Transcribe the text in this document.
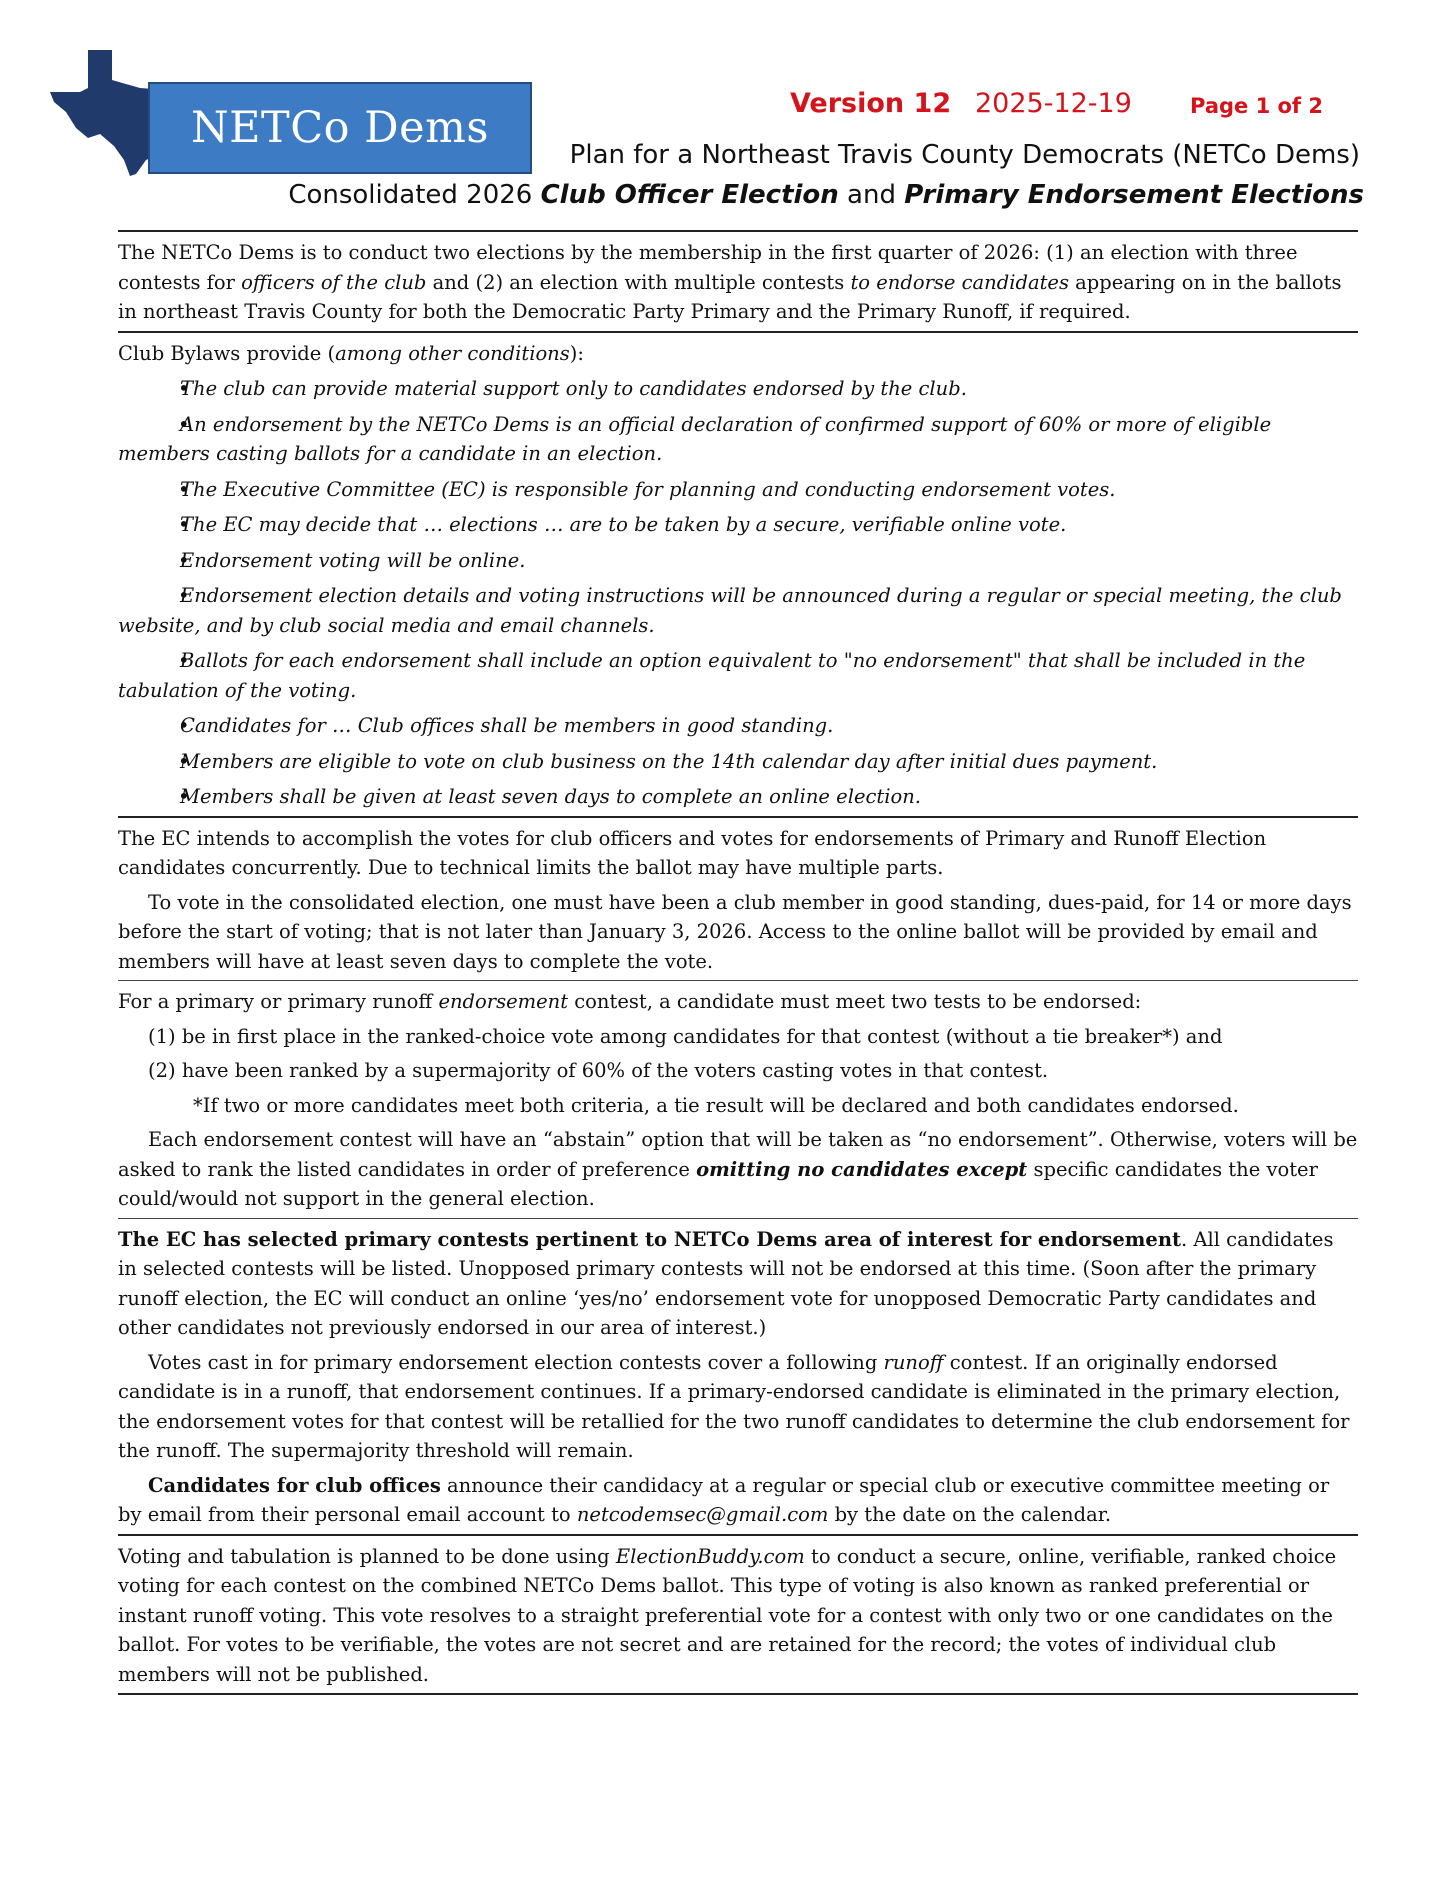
NETCo Dems	Version 12 2025-12-19	Page 1 of 2
Plan for a Northeast Travis County Democrats (NETCo Dems)
Consolidated 2026 Club Officer Election and Primary Endorsement Elections

The NETCo Dems is to conduct two elections by the membership in the first quarter of 2026: (1) an election with three contests for officers of the club and (2) an election with multiple contests to endorse candidates appearing on in the ballots in northeast Travis County for both the Democratic Party Primary and the Primary Runoff, if required.

Club Bylaws provide (among other conditions):

• The club can provide material support only to candidates endorsed by the club.

• An endorsement by the NETCo Dems is an official declaration of confirmed support of 60% or more of eligible members casting ballots for a candidate in an election.

• The Executive Committee (EC) is responsible for planning and conducting endorsement votes.

• The EC may decide that … elections … are to be taken by a secure, verifiable online vote.

• Endorsement voting will be online.

• Endorsement election details and voting instructions will be announced during a regular or special meeting, the club website, and by club social media and email channels.

• Ballots for each endorsement shall include an option equivalent to "no endorsement" that shall be included in the tabulation of the voting.

• Candidates for … Club offices shall be members in good standing.

• Members are eligible to vote on club business on the 14th calendar day after initial dues payment.

• Members shall be given at least seven days to complete an online election.

The EC intends to accomplish the votes for club officers and votes for endorsements of Primary and Runoff Election candidates concurrently. Due to technical limits the ballot may have multiple parts.

To vote in the consolidated election, one must have been a club member in good standing, dues-paid, for 14 or more days before the start of voting; that is not later than January 3, 2026. Access to the online ballot will be provided by email and members will have at least seven days to complete the vote.

For a primary or primary runoff endorsement contest, a candidate must meet two tests to be endorsed:

(1) be in first place in the ranked-choice vote among candidates for that contest (without a tie breaker*) and

(2) have been ranked by a supermajority of 60% of the voters casting votes in that contest.

*If two or more candidates meet both criteria, a tie result will be declared and both candidates endorsed.

Each endorsement contest will have an “abstain” option that will be taken as “no endorsement”. Otherwise, voters will be asked to rank the listed candidates in order of preference omitting no candidates except specific candidates the voter could/would not support in the general election.

The EC has selected primary contests pertinent to NETCo Dems area of interest for endorsement. All candidates in selected contests will be listed. Unopposed primary contests will not be endorsed at this time. (Soon after the primary runoff election, the EC will conduct an online ‘yes/no’ endorsement vote for unopposed Democratic Party candidates and other candidates not previously endorsed in our area of interest.)

Votes cast in for primary endorsement election contests cover a following runoff contest. If an originally endorsed candidate is in a runoff, that endorsement continues. If a primary-endorsed candidate is eliminated in the primary election, the endorsement votes for that contest will be retallied for the two runoff candidates to determine the club endorsement for the runoff. The supermajority threshold will remain.

Candidates for club offices announce their candidacy at a regular or special club or executive committee meeting or by email from their personal email account to netcodemsec@gmail.com by the date on the calendar.

Voting and tabulation is planned to be done using ElectionBuddy.com to conduct a secure, online, verifiable, ranked choice voting for each contest on the combined NETCo Dems ballot. This type of voting is also known as ranked preferential or instant runoff voting. This vote resolves to a straight preferential vote for a contest with only two or one candidates on the ballot. For votes to be verifiable, the votes are not secret and are retained for the record; the votes of individual club members will not be published.
